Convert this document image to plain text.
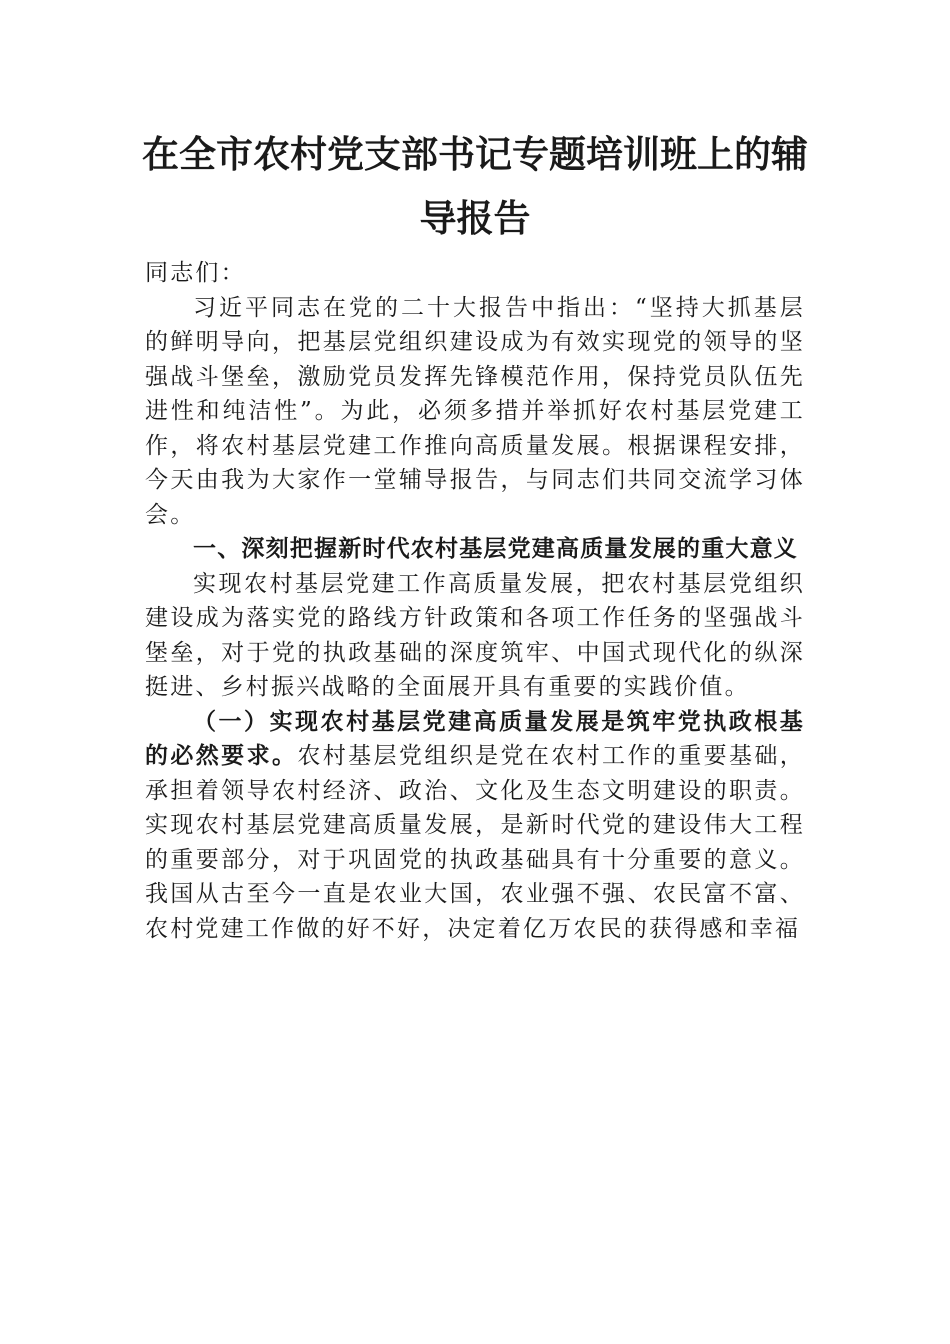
在全市农村党支部书记专题培训班上的辅导报告

同志们：

习近平同志在党的二十大报告中指出：“坚持大抓基层的鲜明导向，把基层党组织建设成为有效实现党的领导的坚强战斗堡垒，激励党员发挥先锋模范作用，保持党员队伍先进性和纯洁性”。为此，必须多措并举抓好农村基层党建工作，将农村基层党建工作推向高质量发展。根据课程安排，今天由我为大家作一堂辅导报告，与同志们共同交流学习体会。

一、深刻把握新时代农村基层党建高质量发展的重大意义

实现农村基层党建工作高质量发展，把农村基层党组织建设成为落实党的路线方针政策和各项工作任务的坚强战斗堡垒，对于党的执政基础的深度筑牢、中国式现代化的纵深挺进、乡村振兴战略的全面展开具有重要的实践价值。

（一）实现农村基层党建高质量发展是筑牢党执政根基的必然要求。农村基层党组织是党在农村工作的重要基础，承担着领导农村经济、政治、文化及生态文明建设的职责。实现农村基层党建高质量发展，是新时代党的建设伟大工程的重要部分，对于巩固党的执政基础具有十分重要的意义。我国从古至今一直是农业大国，农业强不强、农民富不富、农村党建工作做的好不好，决定着亿万农民的获得感和幸福
